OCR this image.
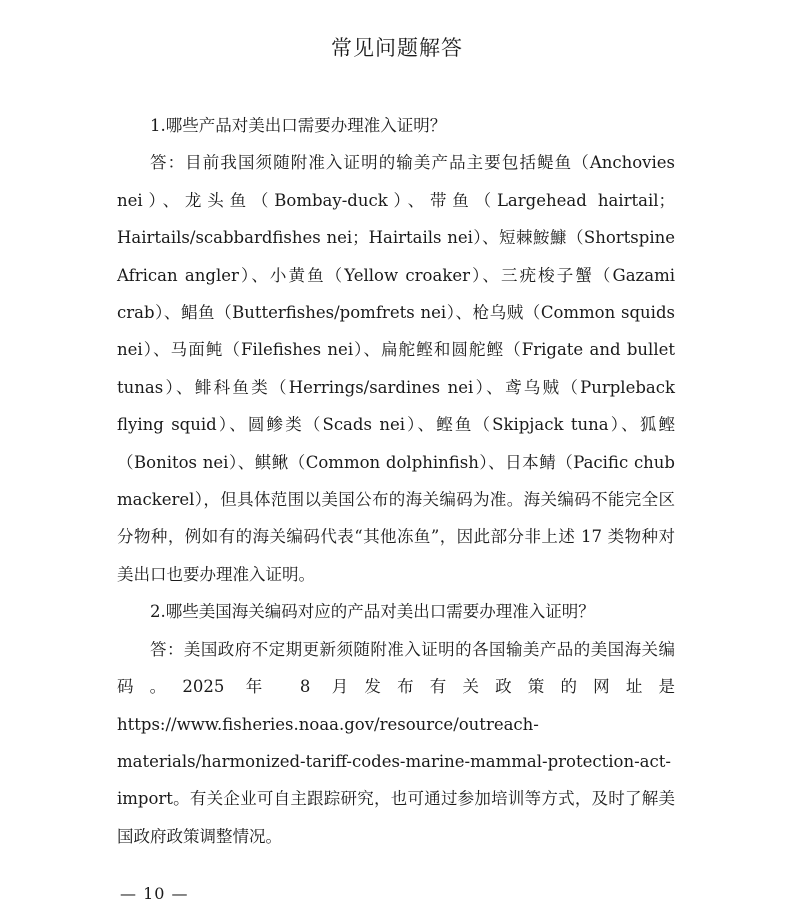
常见问题解答

1.哪些产品对美出口需要办理准入证明？

答：目前我国须随附准入证明的输美产品主要包括鳀鱼（Anchovies nei）、龙头鱼（Bombay-duck）、带鱼（Largehead hairtail；Hairtails/scabbardfishes nei；Hairtails nei）、短棘鮟鱇（Shortspine African angler）、小黄鱼（Yellow croaker）、三疣梭子蟹（Gazami crab）、鲳鱼（Butterfishes/pomfrets nei）、枪乌贼（Common squids nei）、马面鲀（Filefishes nei）、扁舵鲣和圆舵鲣（Frigate and bullet tunas）、鲱科鱼类（Herrings/sardines nei）、鸢乌贼（Purpleback flying squid）、圆鲹类（Scads nei）、鲣鱼（Skipjack tuna）、狐鲣（Bonitos nei）、鲯鳅（Common dolphinfish）、日本鲭（Pacific chub mackerel），但具体范围以美国公布的海关编码为准。海关编码不能完全区分物种，例如有的海关编码代表“其他冻鱼”，因此部分非上述 17 类物种对美出口也要办理准入证明。

2.哪些美国海关编码对应的产品对美出口需要办理准入证明？

答：美国政府不定期更新须随附准入证明的各国输美产品的美国海关编码。2025 年 8 月发布有关政策的网址是 https://www.fisheries.noaa.gov/resource/outreach-materials/harmonized-tariff-codes-marine-mammal-protection-act-import。有关企业可自主跟踪研究，也可通过参加培训等方式，及时了解美国政府政策调整情况。

— 10 —
